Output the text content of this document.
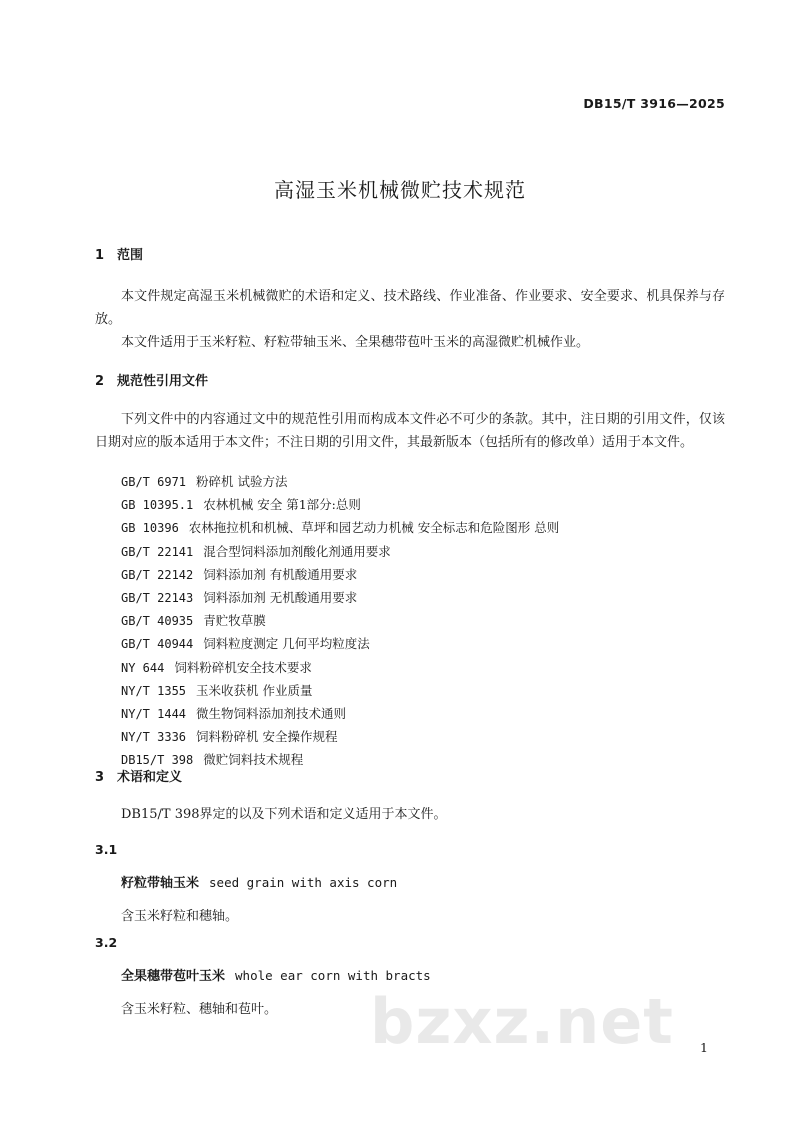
DB15/T 3916—2025
高湿玉米机械微贮技术规范
1 范围
本文件规定高湿玉米机械微贮的术语和定义、技术路线、作业准备、作业要求、安全要求、机具保养与存放。
本文件适用于玉米籽粒、籽粒带轴玉米、全果穗带苞叶玉米的高湿微贮机械作业。
2 规范性引用文件
下列文件中的内容通过文中的规范性引用而构成本文件必不可少的条款。其中，注日期的引用文件，仅该日期对应的版本适用于本文件；不注日期的引用文件，其最新版本（包括所有的修改单）适用于本文件。
GB/T 6971 粉碎机 试验方法
GB 10395.1 农林机械 安全 第1部分:总则
GB 10396 农林拖拉机和机械、草坪和园艺动力机械 安全标志和危险图形 总则
GB/T 22141 混合型饲料添加剂酸化剂通用要求
GB/T 22142 饲料添加剂 有机酸通用要求
GB/T 22143 饲料添加剂 无机酸通用要求
GB/T 40935 青贮牧草膜
GB/T 40944 饲料粒度测定 几何平均粒度法
NY 644 饲料粉碎机安全技术要求
NY/T 1355 玉米收获机 作业质量
NY/T 1444 微生物饲料添加剂技术通则
NY/T 3336 饲料粉碎机 安全操作规程
DB15/T 398 微贮饲料技术规程
3 术语和定义
DB15/T 398界定的以及下列术语和定义适用于本文件。
3.1
籽粒带轴玉米 seed grain with axis corn
含玉米籽粒和穗轴。
3.2
全果穗带苞叶玉米 whole ear corn with bracts
含玉米籽粒、穗轴和苞叶。 bzxz.net 1
